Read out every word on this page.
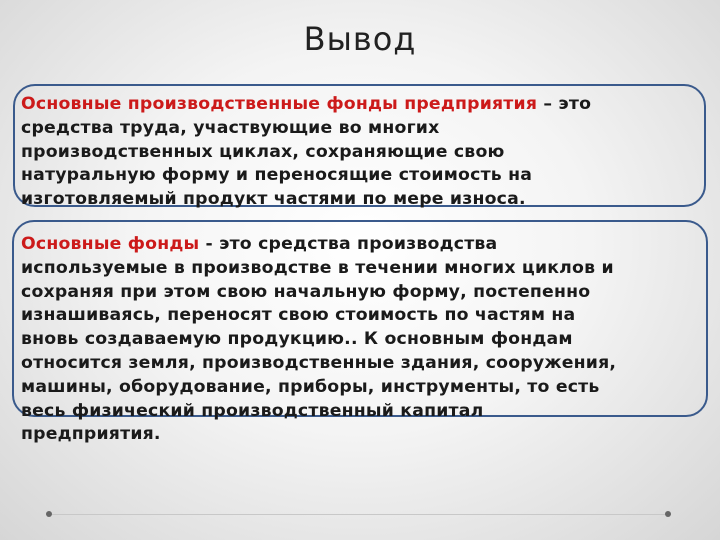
Вывод
Основные производственные фонды предприятия – это
средства труда, участвующие во многих
производственных циклах, сохраняющие свою
натуральную форму и переносящие стоимость на
изготовляемый продукт частями по мере износа.
Основные фонды - это средства производства
используемые в производстве в течении многих циклов и
сохраняя при этом свою начальную форму, постепенно
изнашиваясь, переносят свою стоимость по частям на
вновь создаваемую продукцию.. К основным фондам
относится земля, производственные здания, сооружения,
машины, оборудование, приборы, инструменты, то есть
весь физический производственный капитал
предприятия.
